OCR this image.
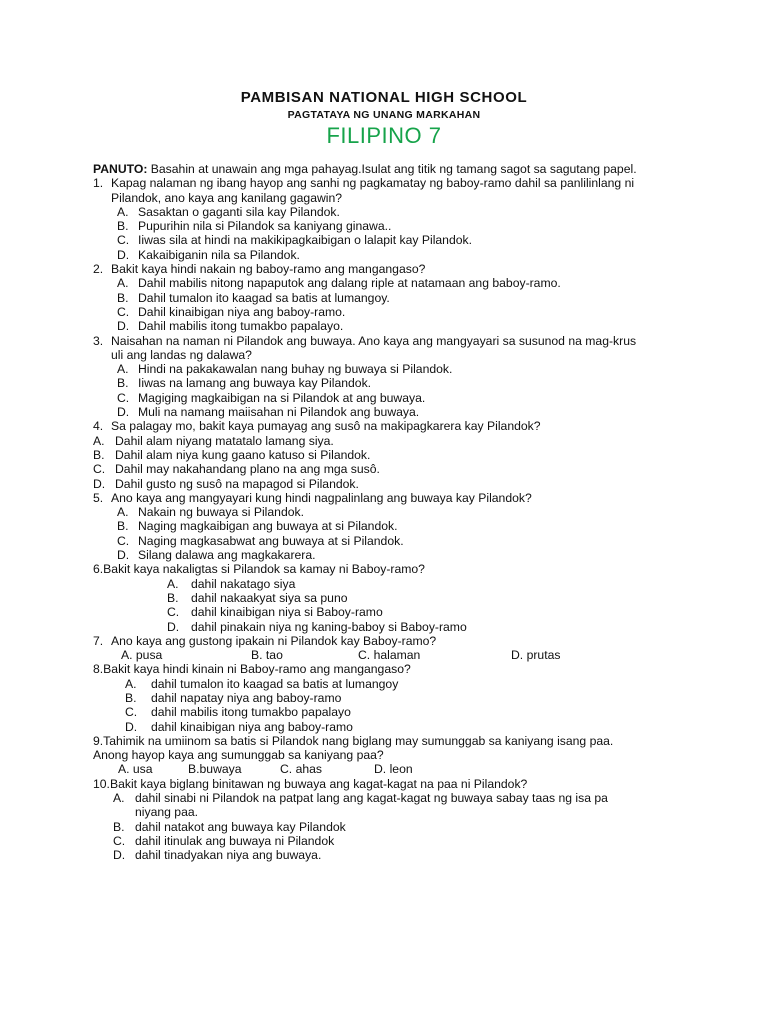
PAMBISAN NATIONAL HIGH SCHOOL
PAGTATAYA NG UNANG MARKAHAN
FILIPINO 7
PANUTO: Basahin at unawain ang mga pahayag.Isulat ang titik ng tamang sagot sa sagutang papel.
1. Kapag nalaman ng ibang hayop ang sanhi ng pagkamatay ng baboy-ramo dahil sa panlilinlang ni
Pilandok, ano kaya ang kanilang gagawin?
A. Sasaktan o gaganti sila kay Pilandok.
B. Pupurihin nila si Pilandok sa kaniyang ginawa..
C. Iiwas sila at hindi na makikipagkaibigan o lalapit kay Pilandok.
D. Kakaibiganin nila sa Pilandok.
2. Bakit kaya hindi nakain ng baboy-ramo ang mangangaso?
A. Dahil mabilis nitong napaputok ang dalang riple at natamaan ang baboy-ramo.
B. Dahil tumalon ito kaagad sa batis at lumangoy.
C. Dahil kinaibigan niya ang baboy-ramo.
D. Dahil mabilis itong tumakbo papalayo.
3. Naisahan na naman ni Pilandok ang buwaya. Ano kaya ang mangyayari sa susunod na mag-krus
uli ang landas ng dalawa?
A. Hindi na pakakawalan nang buhay ng buwaya si Pilandok.
B. Iiwas na lamang ang buwaya kay Pilandok.
C. Magiging magkaibigan na si Pilandok at ang buwaya.
D. Muli na namang maiisahan ni Pilandok ang buwaya.
4. Sa palagay mo, bakit kaya pumayag ang susô na makipagkarera kay Pilandok?
A. Dahil alam niyang matatalo lamang siya.
B. Dahil alam niya kung gaano katuso si Pilandok.
C. Dahil may nakahandang plano na ang mga susô.
D. Dahil gusto ng susô na mapagod si Pilandok.
5. Ano kaya ang mangyayari kung hindi nagpalinlang ang buwaya kay Pilandok?
A. Nakain ng buwaya si Pilandok.
B. Naging magkaibigan ang buwaya at si Pilandok.
C. Naging magkasabwat ang buwaya at si Pilandok.
D. Silang dalawa ang magkakarera.
6.Bakit kaya nakaligtas si Pilandok sa kamay ni Baboy-ramo?
A.	dahil nakatago siya
B.	dahil nakaakyat siya sa puno
C. dahil kinaibigan niya si Baboy-ramo
D. dahil pinakain niya ng kaning-baboy si Baboy-ramo
7. Ano kaya ang gustong ipakain ni Pilandok kay Baboy-ramo?
A. pusa	B. tao	C. halaman	D. prutas
8.Bakit kaya hindi kinain ni Baboy-ramo ang mangangaso?
A.	dahil tumalon ito kaagad sa batis at lumangoy
B.	dahil napatay niya ang baboy-ramo
C.	dahil mabilis itong tumakbo papalayo
D.	dahil kinaibigan niya ang baboy-ramo
9.Tahimik na umiinom sa batis si Pilandok nang biglang may sumunggab sa kaniyang isang paa.
Anong hayop kaya ang sumunggab sa kaniyang paa?
A. usa	B.buwaya	C. ahas	D. leon
10.Bakit kaya biglang binitawan ng buwaya ang kagat-kagat na paa ni Pilandok?
A. dahil sinabi ni Pilandok na patpat lang ang kagat-kagat ng buwaya sabay taas ng isa pa
niyang paa.
B. dahil natakot ang buwaya kay Pilandok
C. dahil itinulak ang buwaya ni Pilandok
D. dahil tinadyakan niya ang buwaya.
